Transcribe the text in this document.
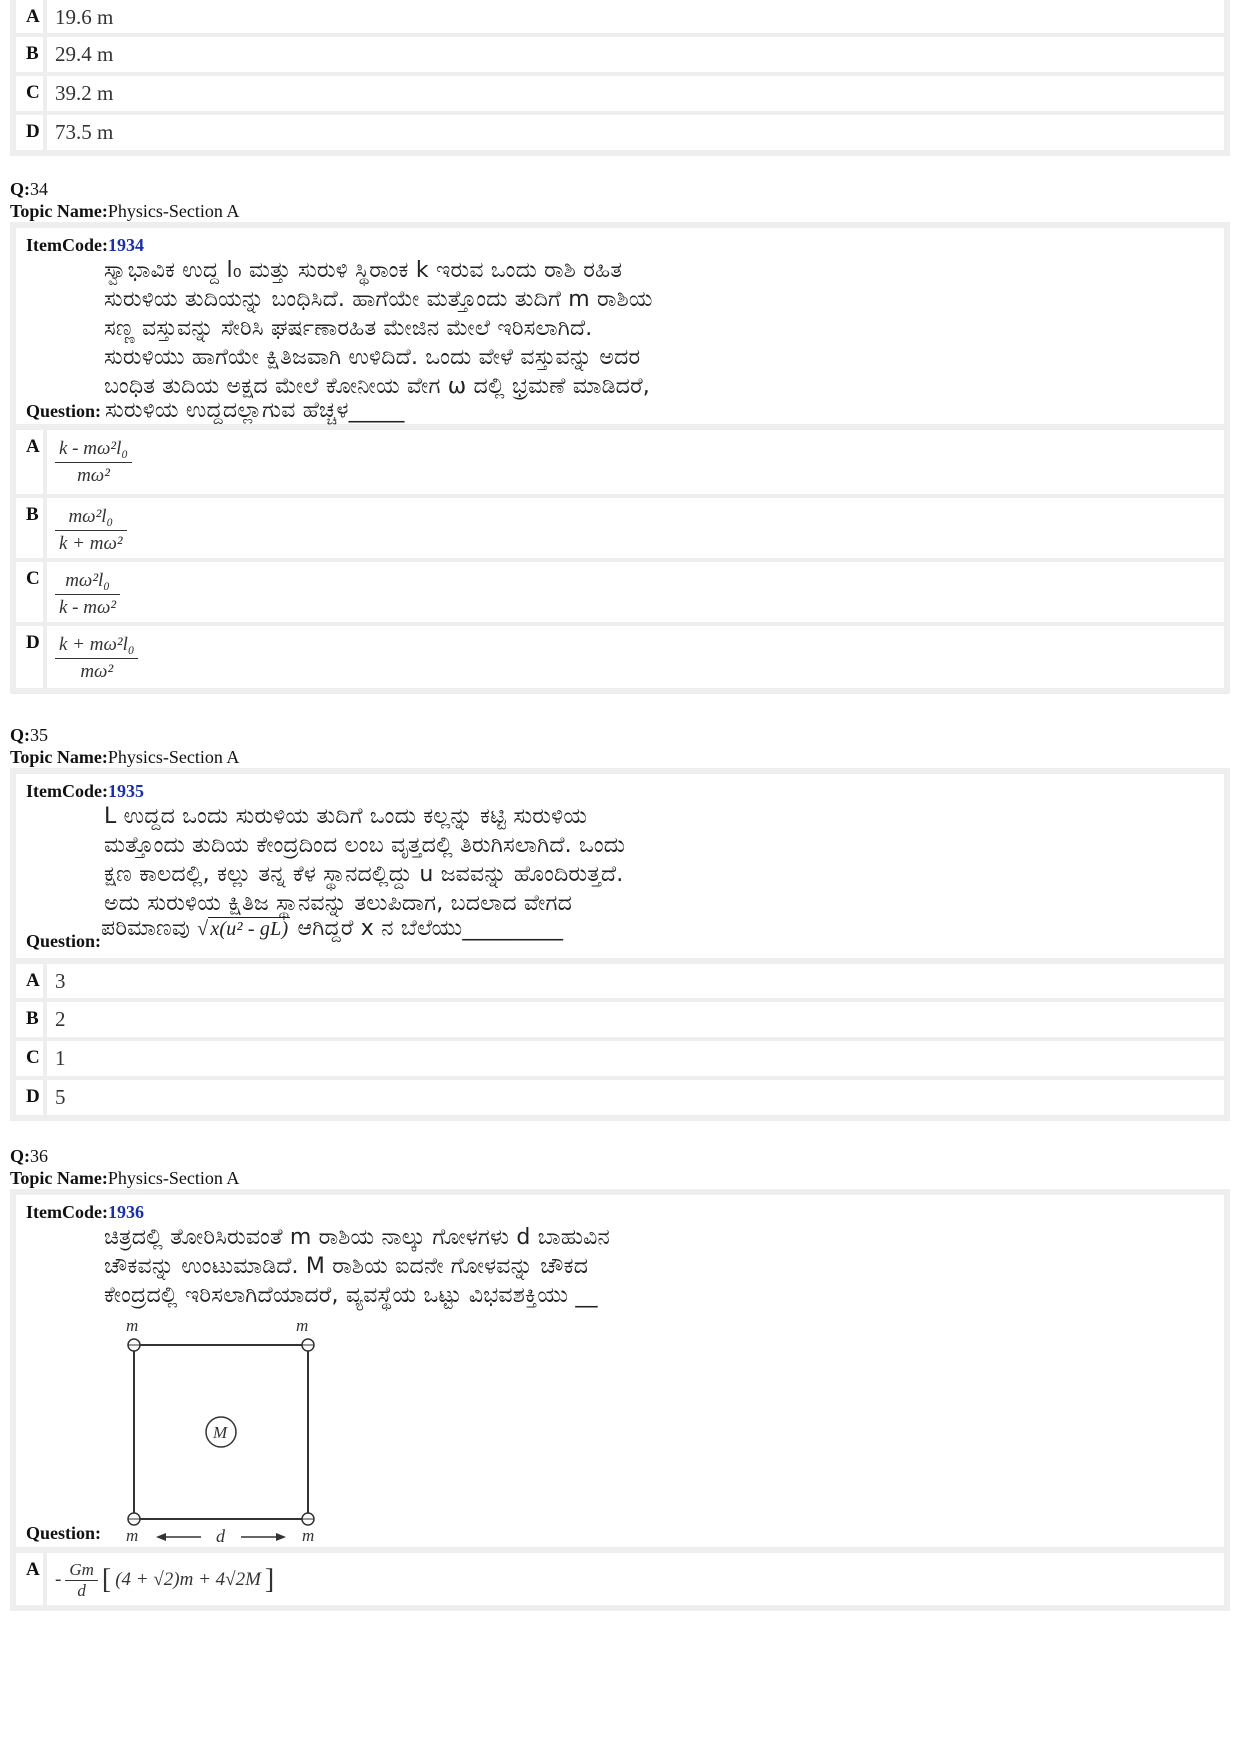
A 19.6 m
B 29.4 m
C 39.2 m
D 73.5 m
Q:34
Topic Name:Physics-Section A
ItemCode:1934
ಸ್ವಾಭಾವಿಕ ಉದ್ದ l₀ ಮತ್ತು ಸುರುಳಿ ಸ್ಥಿರಾಂಕ k ಇರುವ ಒಂದು ರಾಶಿ ರಹಿತ
ಸುರುಳಿಯ ತುದಿಯನ್ನು ಬಂಧಿಸಿದೆ. ಹಾಗೆಯೇ ಮತ್ತೊಂದು ತುದಿಗೆ m ರಾಶಿಯ
ಸಣ್ಣ ವಸ್ತುವನ್ನು ಸೇರಿಸಿ ಘರ್ಷಣಾರಹಿತ ಮೇಜಿನ ಮೇಲೆ ಇರಿಸಲಾಗಿದೆ.
ಸುರುಳಿಯು ಹಾಗೆಯೇ ಕ್ಷಿತಿಜವಾಗಿ ಉಳಿದಿದೆ. ಒಂದು ವೇಳೆ ವಸ್ತುವನ್ನು ಅದರ
ಬಂಧಿತ ತುದಿಯ ಅಕ್ಷದ ಮೇಲೆ ಕೋನೀಯ ವೇಗ ω ದಲ್ಲಿ ಭ್ರಮಣೆ ಮಾಡಿದರೆ,
Question: ಸುರುಳಿಯ ಉದ್ದದಲ್ಲಾಗುವ ಹೆಚ್ಚಳ_____
A $\frac{\text{k - mω²l₀}}{\text{mω²}}$
B $\frac{\text{mω²l₀}}{\text{k + mω²}}$
C $\frac{\text{mω²l₀}}{\text{k - mω²}}$
D $\frac{\text{k + mω²l₀}}{\text{mω²}}$
Q:35
Topic Name:Physics-Section A
ItemCode:1935
L ಉದ್ದದ ಒಂದು ಸುರುಳಿಯ ತುದಿಗೆ ಒಂದು ಕಲ್ಲನ್ನು ಕಟ್ಟಿ ಸುರುಳಿಯ
ಮತ್ತೊಂದು ತುದಿಯ ಕೇಂದ್ರದಿಂದ ಲಂಬ ವೃತ್ತದಲ್ಲಿ ತಿರುಗಿಸಲಾಗಿದೆ. ಒಂದು
ಕ್ಷಣ ಕಾಲದಲ್ಲಿ, ಕಲ್ಲು ತನ್ನ ಕೆಳ ಸ್ಥಾನದಲ್ಲಿದ್ದು u ಜವವನ್ನು ಹೊಂದಿರುತ್ತದೆ.
ಅದು ಸುರುಳಿಯ ಕ್ಷಿತಿಜ ಸ್ಥಾನವನ್ನು ತಲುಪಿದಾಗ, ಬದಲಾದ ವೇಗದ
Question: ಪರಿಮಾಣವು √ x(u² - gL) ಆಗಿದ್ದರೆ x ನ ಬೆಲೆಯು_________
A 3
B 2
C 1
D 5
Q:36
Topic Name:Physics-Section A
ItemCode:1936
ಚಿತ್ರದಲ್ಲಿ ತೋರಿಸಿರುವಂತೆ m ರಾಶಿಯ ನಾಲ್ಕು ಗೋಳಗಳು d ಬಾಹುವಿನ
ಚೌಕವನ್ನು ಉಂಟುಮಾಡಿದೆ. M ರಾಶಿಯ ಐದನೇ ಗೋಳವನ್ನು ಚೌಕದ
ಕೇಂದ್ರದಲ್ಲಿ ಇರಿಸಲಾಗಿದೆಯಾದರೆ, ವ್ಯವಸ್ಥೆಯ ಒಟ್ಟು ವಿಭವಶಕ್ತಿಯು __
m	m
M
m	m
d
Question:
A - $\frac{Gm}{d}$ [ (4 + √2)m + 4√2M ]
